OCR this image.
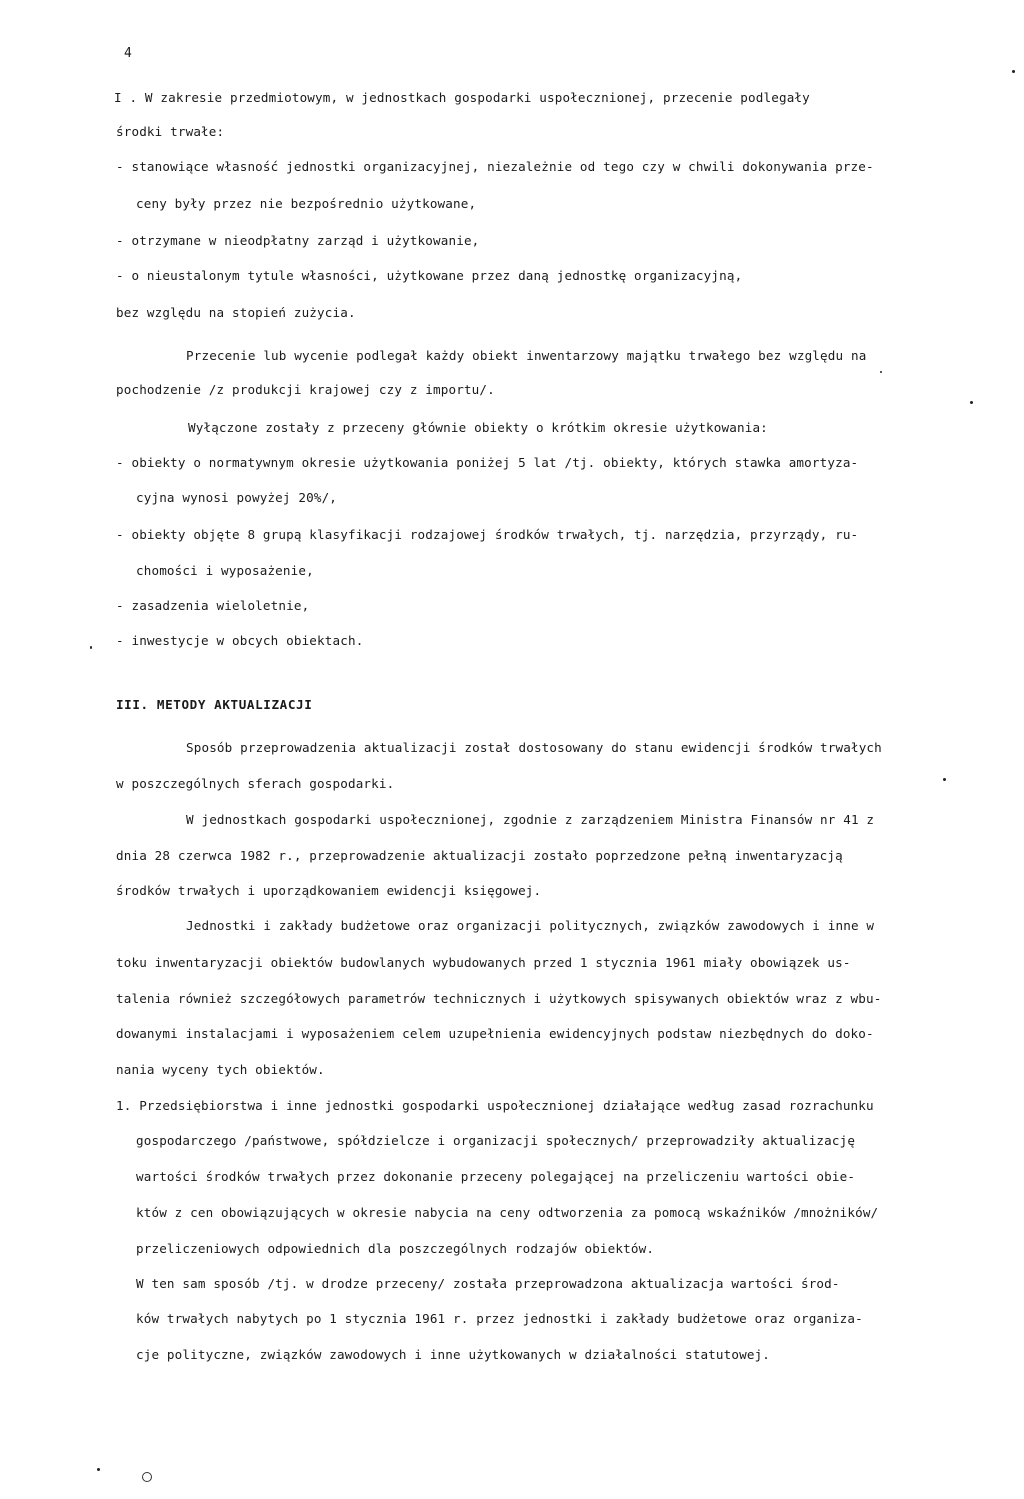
4
I . W zakresie przedmiotowym, w jednostkach gospodarki uspołecznionej, przecenie podlegały
środki trwałe:
- stanowiące własność jednostki organizacyjnej, niezależnie od tego czy w chwili dokonywania prze-
ceny były przez nie bezpośrednio użytkowane,
- otrzymane w nieodpłatny zarząd i użytkowanie,
- o nieustalonym tytule własności, użytkowane przez daną jednostkę organizacyjną,
bez względu na stopień zużycia.
Przecenie lub wycenie podlegał każdy obiekt inwentarzowy majątku trwałego bez względu na
pochodzenie /z produkcji krajowej czy z importu/.
Wyłączone zostały z przeceny głównie obiekty o krótkim okresie użytkowania:
- obiekty o normatywnym okresie użytkowania poniżej 5 lat /tj. obiekty, których stawka amortyza-
cyjna wynosi powyżej 20%/,
- obiekty objęte 8 grupą klasyfikacji rodzajowej środków trwałych, tj. narzędzia, przyrządy, ru-
chomości i wyposażenie,
- zasadzenia wieloletnie,
- inwestycje w obcych obiektach.
III. METODY AKTUALIZACJI
Sposób przeprowadzenia aktualizacji został dostosowany do stanu ewidencji środków trwałych
w poszczególnych sferach gospodarki.
W jednostkach gospodarki uspołecznionej, zgodnie z zarządzeniem Ministra Finansów nr 41 z
dnia 28 czerwca 1982 r., przeprowadzenie aktualizacji zostało poprzedzone pełną inwentaryzacją
środków trwałych i uporządkowaniem ewidencji księgowej.
Jednostki i zakłady budżetowe oraz organizacji politycznych, związków zawodowych i inne w
toku inwentaryzacji obiektów budowlanych wybudowanych przed 1 stycznia 1961 miały obowiązek us-
talenia również szczegółowych parametrów technicznych i użytkowych spisywanych obiektów wraz z wbu-
dowanymi instalacjami i wyposażeniem celem uzupełnienia ewidencyjnych podstaw niezbędnych do doko-
nania wyceny tych obiektów.
1. Przedsiębiorstwa i inne jednostki gospodarki uspołecznionej działające według zasad rozrachunku
gospodarczego /państwowe, spółdzielcze i organizacji społecznych/ przeprowadziły aktualizację
wartości środków trwałych przez dokonanie przeceny polegającej na przeliczeniu wartości obie-
któw z cen obowiązujących w okresie nabycia na ceny odtworzenia za pomocą wskaźników /mnożników/
przeliczeniowych odpowiednich dla poszczególnych rodzajów obiektów.
W ten sam sposób /tj. w drodze przeceny/ została przeprowadzona aktualizacja wartości środ-
ków trwałych nabytych po 1 stycznia 1961 r. przez jednostki i zakłady budżetowe oraz organiza-
cje polityczne, związków zawodowych i inne użytkowanych w działalności statutowej.
